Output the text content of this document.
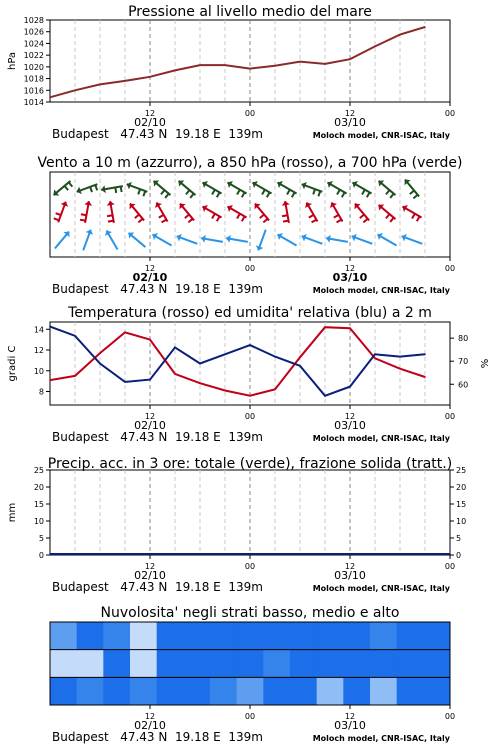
12	00	12	00
02/10	03/10
1014
1016
1018
1020
1022
1024
1026
1028
hPa
12	00	12	00
02/10	03/10
12	00	12	00
02/10	03/10
8
10
12
14
gradi C
60
70
80
%
12	00	12	00
02/10	03/10
0	0
5	5
10	10
15	15
20	20
25	25
mm
12	00	12	00
02/10	03/10
Pressione al livello medio del mare
Budapest   47.43 N  19.18 E  139m	Moloch model, CNR-ISAC, Italy
Vento a 10 m (azzurro), a 850 hPa (rosso), a 700 hPa (verde)
Budapest   47.43 N  19.18 E  139m	Moloch model, CNR-ISAC, Italy
Temperatura (rosso) ed umidita' relativa (blu) a 2 m
Budapest   47.43 N  19.18 E  139m	Moloch model, CNR-ISAC, Italy
Precip. acc. in 3 ore: totale (verde), frazione solida (tratt.)
Budapest   47.43 N  19.18 E  139m	Moloch model, CNR-ISAC, Italy
Nuvolosita' negli strati basso, medio e alto
Budapest   47.43 N  19.18 E  139m	Moloch model, CNR-ISAC, Italy
